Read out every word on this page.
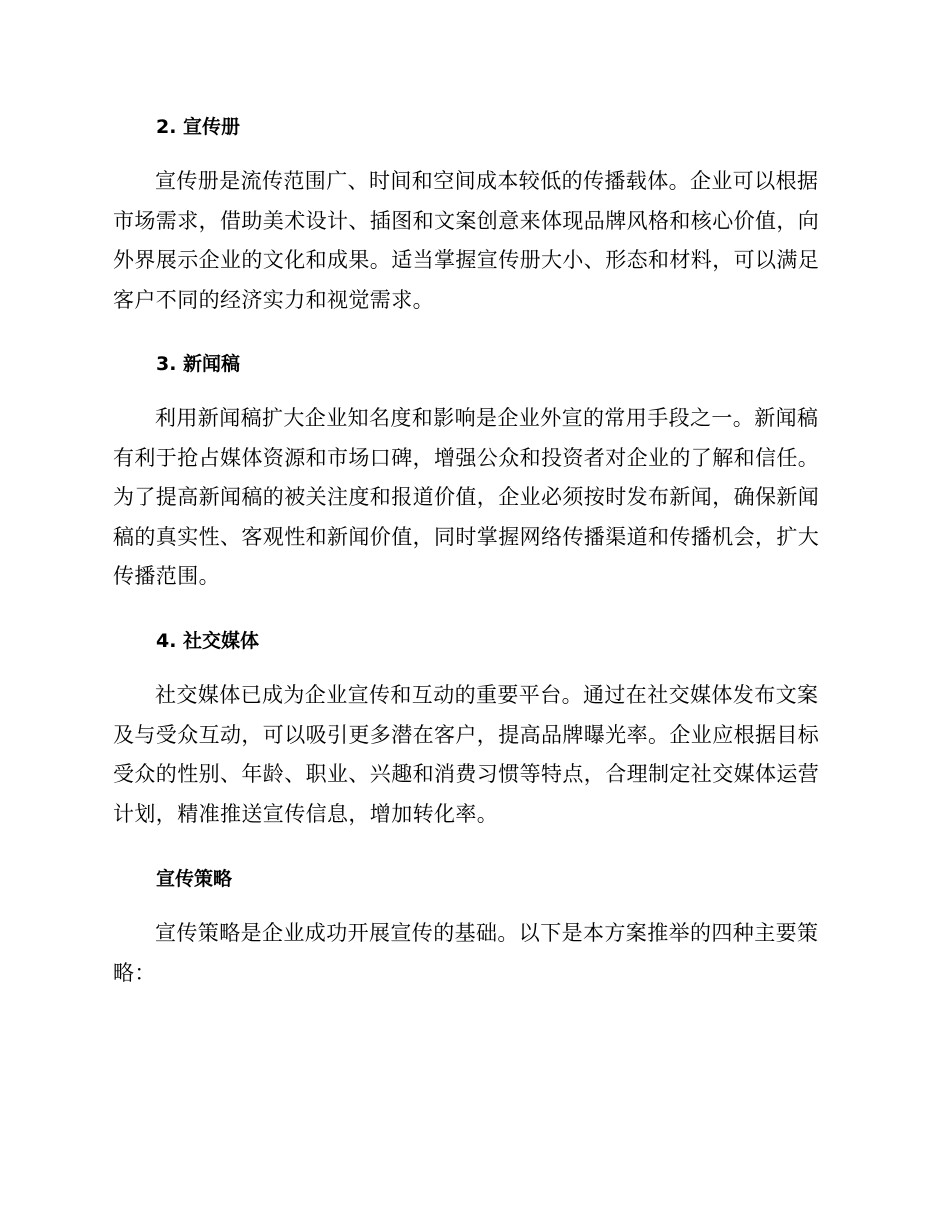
2. 宣传册
宣传册是流传范围广、时间和空间成本较低的传播载体。企业可以根据
市场需求，借助美术设计、插图和文案创意来体现品牌风格和核心价值，向
外界展示企业的文化和成果。适当掌握宣传册大小、形态和材料，可以满足
客户不同的经济实力和视觉需求。
3. 新闻稿
利用新闻稿扩大企业知名度和影响是企业外宣的常用手段之一。新闻稿
有利于抢占媒体资源和市场口碑，增强公众和投资者对企业的了解和信任。
为了提高新闻稿的被关注度和报道价值，企业必须按时发布新闻，确保新闻
稿的真实性、客观性和新闻价值，同时掌握网络传播渠道和传播机会，扩大
传播范围。
4. 社交媒体
社交媒体已成为企业宣传和互动的重要平台。通过在社交媒体发布文案
及与受众互动，可以吸引更多潜在客户，提高品牌曝光率。企业应根据目标
受众的性别、年龄、职业、兴趣和消费习惯等特点，合理制定社交媒体运营
计划，精准推送宣传信息，增加转化率。
宣传策略
宣传策略是企业成功开展宣传的基础。以下是本方案推举的四种主要策
略：
